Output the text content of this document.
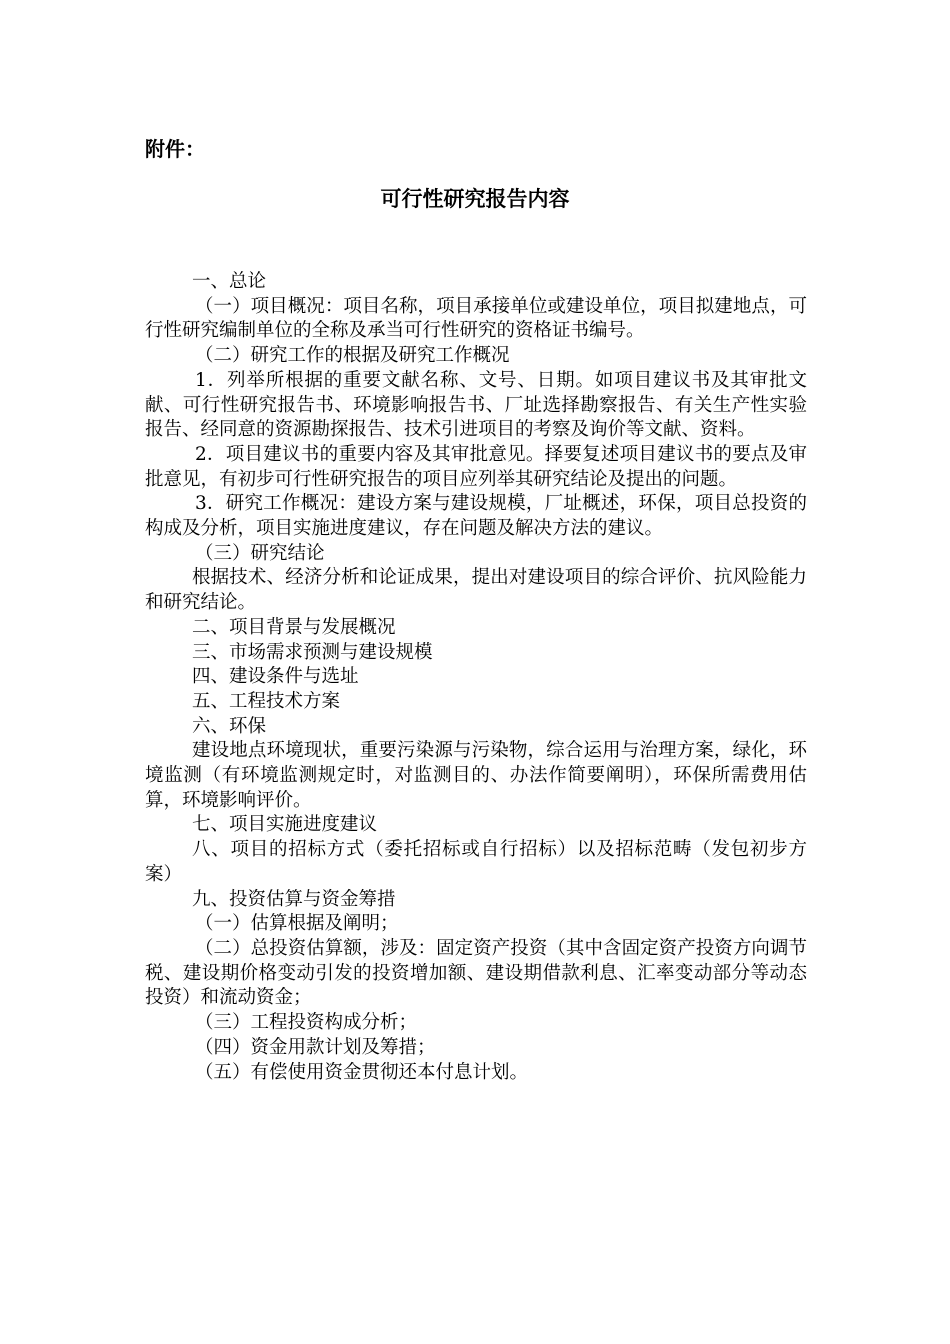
附件：

可行性研究报告内容

一、总论

（一）项目概况：项目名称，项目承接单位或建设单位，项目拟建地点，可行性研究编制单位的全称及承当可行性研究的资格证书编号。

（二）研究工作的根据及研究工作概况

1．列举所根据的重要文献名称、文号、日期。如项目建议书及其审批文献、可行性研究报告书、环境影响报告书、厂址选择勘察报告、有关生产性实验报告、经同意的资源勘探报告、技术引进项目的考察及询价等文献、资料。

2．项目建议书的重要内容及其审批意见。择要复述项目建议书的要点及审批意见，有初步可行性研究报告的项目应列举其研究结论及提出的问题。

3．研究工作概况：建设方案与建设规模，厂址概述，环保，项目总投资的构成及分析，项目实施进度建议，存在问题及解决方法的建议。

（三）研究结论

根据技术、经济分析和论证成果，提出对建设项目的综合评价、抗风险能力和研究结论。

二、项目背景与发展概况

三、市场需求预测与建设规模

四、建设条件与选址

五、工程技术方案

六、环保

建设地点环境现状，重要污染源与污染物，综合运用与治理方案，绿化，环境监测（有环境监测规定时，对监测目的、办法作简要阐明），环保所需费用估算，环境影响评价。

七、项目实施进度建议

八、项目的招标方式（委托招标或自行招标）以及招标范畴（发包初步方案）

九、投资估算与资金筹措

（一）估算根据及阐明；

（二）总投资估算额，涉及：固定资产投资（其中含固定资产投资方向调节税、建设期价格变动引发的投资增加额、建设期借款利息、汇率变动部分等动态投资）和流动资金；

（三）工程投资构成分析；

（四）资金用款计划及筹措；

（五）有偿使用资金贯彻还本付息计划。
